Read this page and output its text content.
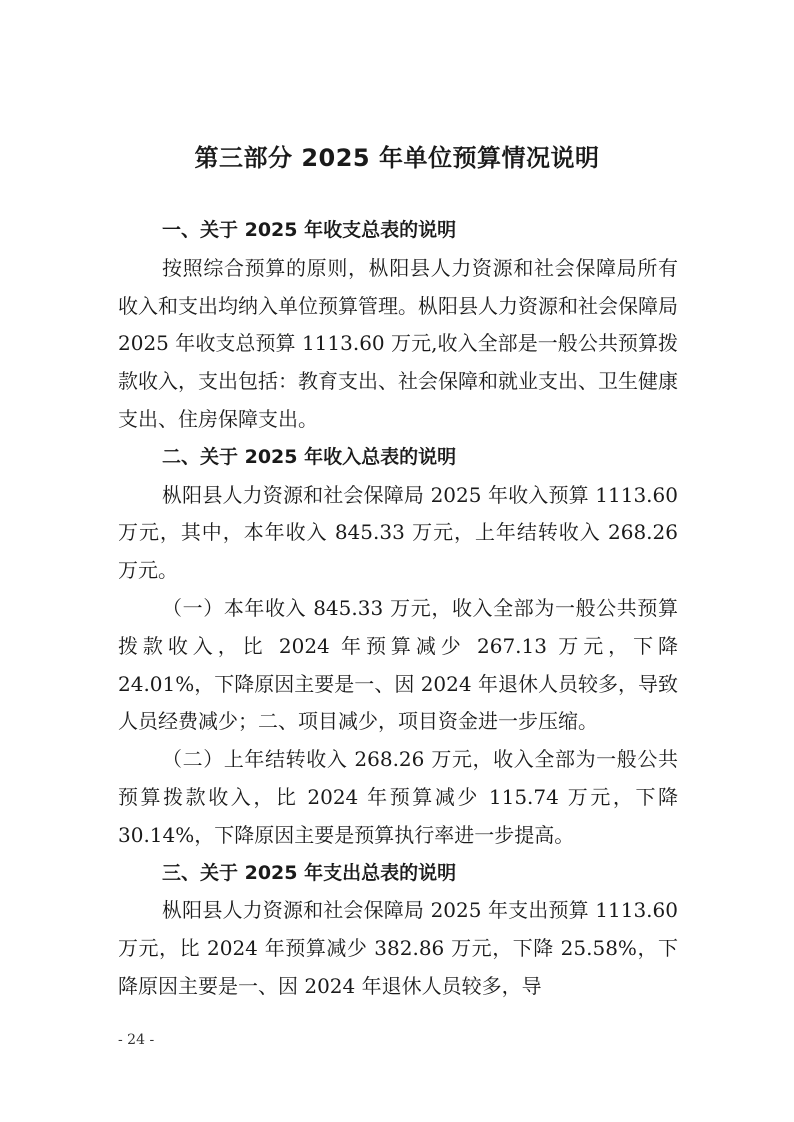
第三部分 2025 年单位预算情况说明

一、关于 2025 年收支总表的说明

按照综合预算的原则，枞阳县人力资源和社会保障局所有收入和支出均纳入单位预算管理。枞阳县人力资源和社会保障局 2025 年收支总预算 1113.60 万元,收入全部是一般公共预算拨款收入，支出包括：教育支出、社会保障和就业支出、卫生健康支出、住房保障支出。

二、关于 2025 年收入总表的说明

枞阳县人力资源和社会保障局 2025 年收入预算 1113.60 万元，其中，本年收入 845.33 万元，上年结转收入 268.26 万元。

（一）本年收入 845.33 万元，收入全部为一般公共预算拨款收入，比 2024 年预算减少 267.13 万元，下降 24.01%，下降原因主要是一、因 2024 年退休人员较多，导致人员经费减少；二、项目减少，项目资金进一步压缩。

（二）上年结转收入 268.26 万元，收入全部为一般公共预算拨款收入，比 2024 年预算减少 115.74 万元，下降 30.14%，下降原因主要是预算执行率进一步提高。

三、关于 2025 年支出总表的说明

枞阳县人力资源和社会保障局 2025 年支出预算 1113.60 万元，比 2024 年预算减少 382.86 万元，下降 25.58%，下降原因主要是一、因 2024 年退休人员较多，导

- 24 -
